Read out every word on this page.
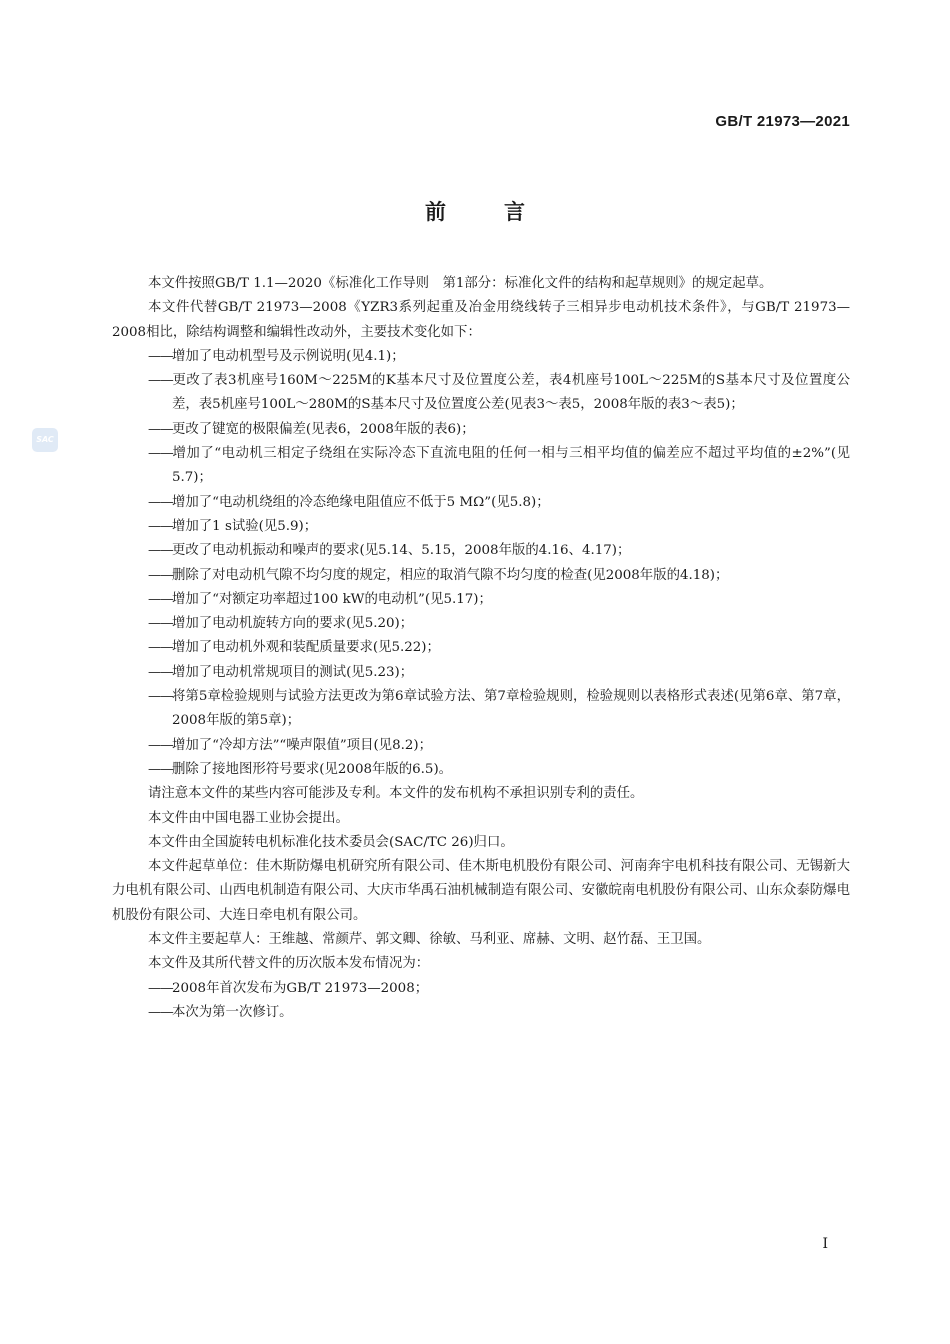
GB/T 21973—2021
SAC
前言

本文件按照GB/T 1.1—2020《标准化工作导则　第1部分：标准化文件的结构和起草规则》的规定起草。

本文件代替GB/T 21973—2008《YZR3系列起重及冶金用绕线转子三相异步电动机技术条件》，与GB/T 21973—2008相比，除结构调整和编辑性改动外，主要技术变化如下：

——增加了电动机型号及示例说明(见4.1)；

——更改了表3机座号160M～225M的K基本尺寸及位置度公差，表4机座号100L～225M的S基本尺寸及位置度公差，表5机座号100L～280M的S基本尺寸及位置度公差(见表3～表5，2008年版的表3～表5)；

——更改了键宽的极限偏差(见表6，2008年版的表6)；

——增加了“电动机三相定子绕组在实际冷态下直流电阻的任何一相与三相平均值的偏差应不超过平均值的±2%”(见5.7)；

——增加了“电动机绕组的冷态绝缘电阻值应不低于5 MΩ”(见5.8)；

——增加了1 s试验(见5.9)；

——更改了电动机振动和噪声的要求(见5.14、5.15，2008年版的4.16、4.17)；

——删除了对电动机气隙不均匀度的规定，相应的取消气隙不均匀度的检查(见2008年版的4.18)；

——增加了“对额定功率超过100 kW的电动机”(见5.17)；

——增加了电动机旋转方向的要求(见5.20)；

——增加了电动机外观和装配质量要求(见5.22)；

——增加了电动机常规项目的测试(见5.23)；

——将第5章检验规则与试验方法更改为第6章试验方法、第7章检验规则，检验规则以表格形式表述(见第6章、第7章，2008年版的第5章)；

——增加了“冷却方法”“噪声限值”项目(见8.2)；

——删除了接地图形符号要求(见2008年版的6.5)。

请注意本文件的某些内容可能涉及专利。本文件的发布机构不承担识别专利的责任。

本文件由中国电器工业协会提出。

本文件由全国旋转电机标准化技术委员会(SAC/TC 26)归口。

本文件起草单位：佳木斯防爆电机研究所有限公司、佳木斯电机股份有限公司、河南奔宇电机科技有限公司、无锡新大力电机有限公司、山西电机制造有限公司、大庆市华禹石油机械制造有限公司、安徽皖南电机股份有限公司、山东众泰防爆电机股份有限公司、大连日牵电机有限公司。

本文件主要起草人：王维越、常颜芹、郭文卿、徐敏、马利亚、席赫、文明、赵竹磊、王卫国。

本文件及其所代替文件的历次版本发布情况为：

——2008年首次发布为GB/T 21973—2008；

——本次为第一次修订。

I
